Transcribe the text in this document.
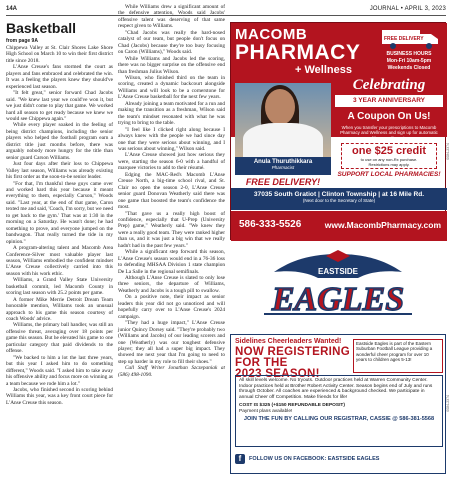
14A	JOURNAL • APRIL 3, 2023
Basketball
from page 9A

Chippewa Valley at St. Clair Shores Lake Shore High School on March 10 to win their first district title since 2018.

L'Anse Creuse's fans stormed the court as players and fans embraced and celebrated the win. It was a feeling the players knew they should've experienced last season.

"It felt great," senior forward Chad Jacobs said. "We knew last year we could've won it, but we just didn't come to play that game. We worked hard all season to get ready because we knew we would see Chippewa again."

While every player soaked in the feeling of being district champions, including the senior players who helped the football program earn a district title just months before, there was arguably nobody more hungry for the title than senior guard Carson Williams.

Just four days after their loss to Chippewa Valley last season, Williams was already existing his first order as the soon-to-be senior leader.

"For that, I'm thankful these guys came over and worked hard this year because it meant everything to them, especially Carson," Woods said. "Last year, at the end of that game, Caron texted me and said, 'Coach, I'm sorry, but we need to get back to the gym.' That was at 1:30 in the morning on a Saturday. He wasn't done; he had something to prove, and everyone jumped on the bandwagon. That really turned the tide in my opinion."

A program-altering talent and Macomb Area Conference-Silver most valuable player last season, Williams embodied the confident mindset L'Anse Creuse collectively carried into this season with his work ethic.

Williams, a Grand Valley State University basketball commit, led Macomb County in scoring last season with 25.2 points per game.

A former Mike Merrie Detroit Dream Team honorable mention, Williams took an unusual approach to his game this season courtesy of coach Woods' advice.

Williams, the primary ball handler, was still an offensive threat, averaging over 18 points per game this season. But he elevated his game to one particular category that paid dividends to the offense.

"We backed to him a lot the last three years, but this year I asked him to do something different," Woods said. "I asked him to take away his offensive ability and focus more on winning as a team because we rode him a lot."

Jacobs, who finished second in scoring behind Williams this year, was a key front court piece for L'Anse Creuse this season.

While Williams drew a significant amount of the defensive attention, Woods said Jacobs' offensive talent was deserving of that same respect given to Williams.

"Chad Jacobs was really the hard-nosed catalyst of our team, but people don't focus on Chad (Jacobs) because they're too busy focusing on Caron (Williams)," Woods said.

While Williams and Jacobs led the scoring, there was no bigger surprise on the offensive end than freshman Julius Wilson.

Wilson, who finished third on the team in scoring, created a dynamic backcourt alongside Williams and will look to be a cornerstone for L'Anse Creuse basketball for the next few years.

Already joining a team motivated for a run and making the transition as a freshman, Wilson said the team's mindset resonated with what he was trying to bring to the table.

"I feel like I clicked right along because I always knew with the people we had since day one that they were serious about winning, and I was serious about winning," Wilson said.

L'Anse Creuse showed just how serious they were, starting the season 6-0 with a handful of marquee victories to add to their résumé.

Edging the MAC-Red's Macomb L'Anse Creuse North, a big-time school rival, and St. Clair no open the season 2-0, L'Anse Creuse senior guard Donovan Weatherly said there was one game that boosted the team's confidence the most.

"That gave us a really high boost of confidence, especially that U-Prep (University Prep) game," Weatherly said. "We knew they were a really good team. They were ranked higher than us, and it was just a big win that we really hadn't had in the past few years."

While a significant step forward this season, L'Anse Creuse's season would end in a 76-36 loss to defending MHSAA Division 1 state champion De La Salle in the regional semifinals.

Although L'Anse Creuse is slated to only lose three seniors, the departure of Williams, Weatherly and Jacobs is a tough pill to swallow.

On a positive note, their impact as senior leaders this year did not go unnoticed and will hopefully carry over to L'Anse Creuse's 2024 campaign.

"They had a huge impact," L'Anse Creuse junior Quincy Dorsey said. "They're probably two (Williams and Jacobs) of our leading scorers and one (Weatherly) was our toughest defensive player; they all had a super big impact. They showed me next year that I'm going to need to step up harder in my role to fill their shoes."

Call Staff Writer Jonathan Szczepaniak at (586) 498-1090.

MACOMB
PHARMACY
+ Wellness
FREE DELIVERY
BUSINESS HOURS
Mon-Fri 10am-5pm
Weekends Closed
Anula Thuruthikkara
Pharmacist
Celebrating
3 YEAR ANNIVERSARY
A Coupon On Us!
When you transfer your prescriptions to Macomb Pharmacy and Wellness and sign up for automatic refills you will receive:
one $25 credit
to use on any non-Rx purchase.
Restrictions may apply.
SUPPORT LOCAL PHARMACIES!
FREE DELIVERY!
37035 South Gratiot | Clinton Township | at 16 Mile Rd.
(Next door to the Secretary of State)
586-333-5526	www.MacombPharmacy.com
0084-2374
EASTSIDE
EAGLES
Sidelines Cheerleaders Wanted!
NOW REGISTERING
FOR THE
2023 SEASON!
Eastside Eagles is part of the Eastern Suburban Football League providing a wonderful cheer program for over 10 years to children ages 5-13!
All skill levels welcome. No tryouts. Outdoor practices held at Warren Community Center. Indoor practices held at Brother Robert Activity Center. Season begins end of July and runs through October. All coaches are experienced & background checked. We participate in annual Cheer off Competition. Make friends for life!
COST IS $325 (+$150 REFUNDABLE DEPOSIT)
Payment plans available!
JOIN THE FUN BY CALLING OUR REGISTRAR, CASSIE @ 586-381-5568
f FOLLOW US ON FACEBOOK: EASTSIDE EAGLES
0084-2374
